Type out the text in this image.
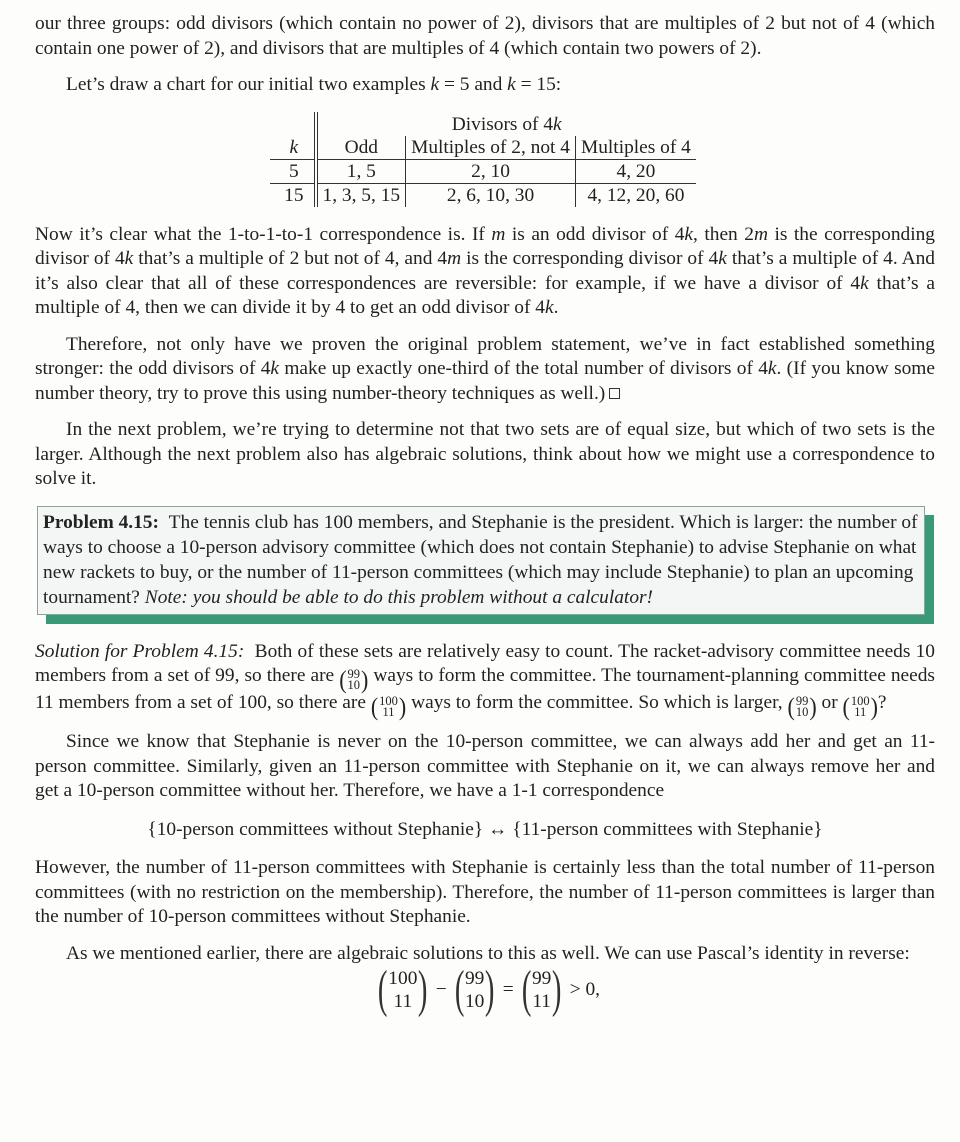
our three groups: odd divisors (which contain no power of 2), divisors that are multiples of 2 but not of 4 (which contain one power of 2), and divisors that are multiples of 4 (which contain two powers of 2).

Let’s draw a chart for our initial two examples k = 5 and k = 15:

	Divisors of 4k		
k	Odd	Multiples of 2, not 4	Multiples of 4
5	1, 5	2, 10	4, 20
15	1, 3, 5, 15	2, 6, 10, 30	4, 12, 20, 60

Now it’s clear what the 1-to-1-to-1 correspondence is. If m is an odd divisor of 4k, then 2m is the corresponding divisor of 4k that’s a multiple of 2 but not of 4, and 4m is the corresponding divisor of 4k that’s a multiple of 4. And it’s also clear that all of these correspondences are reversible: for example, if we have a divisor of 4k that’s a multiple of 4, then we can divide it by 4 to get an odd divisor of 4k.

Therefore, not only have we proven the original problem statement, we’ve in fact established something stronger: the odd divisors of 4k make up exactly one-third of the total number of divisors of 4k. (If you know some number theory, try to prove this using number-theory techniques as well.)

In the next problem, we’re trying to determine not that two sets are of equal size, but which of two sets is the larger. Although the next problem also has algebraic solutions, think about how we might use a correspondence to solve it.

Problem 4.15: The tennis club has 100 members, and Stephanie is the president. Which is larger: the number of ways to choose a 10-person advisory committee (which does not contain Stephanie) to advise Stephanie on what new rackets to buy, or the number of 11-person committees (which may include Stephanie) to plan an upcoming tournament? Note: you should be able to do this problem without a calculator!

Solution for Problem 4.15: Both of these sets are relatively easy to count. The racket-advisory committee needs 10 members from a set of 99, so there are ( 99
10 ) ways to form the committee. The tournament-planning committee needs 11 members from a set of 100, so there are ( 100
11 ) ways to form the committee. So which is larger, ( 99
10 ) or ( 100
11 ) ?

Since we know that Stephanie is never on the 10-person committee, we can always add her and get an 11-person committee. Similarly, given an 11-person committee with Stephanie on it, we can always remove her and get a 10-person committee without her. Therefore, we have a 1-1 correspondence

{10-person committees without Stephanie} ↔ {11-person committees with Stephanie}

However, the number of 11-person committees with Stephanie is certainly less than the total number of 11-person committees (with no restriction on the membership). Therefore, the number of 11-person committees is larger than the number of 10-person committees without Stephanie.

As we mentioned earlier, there are algebraic solutions to this as well. We can use Pascal’s identity in reverse:

( 100
11 ) − ( 99
10 ) = ( 99
11 ) > 0,
